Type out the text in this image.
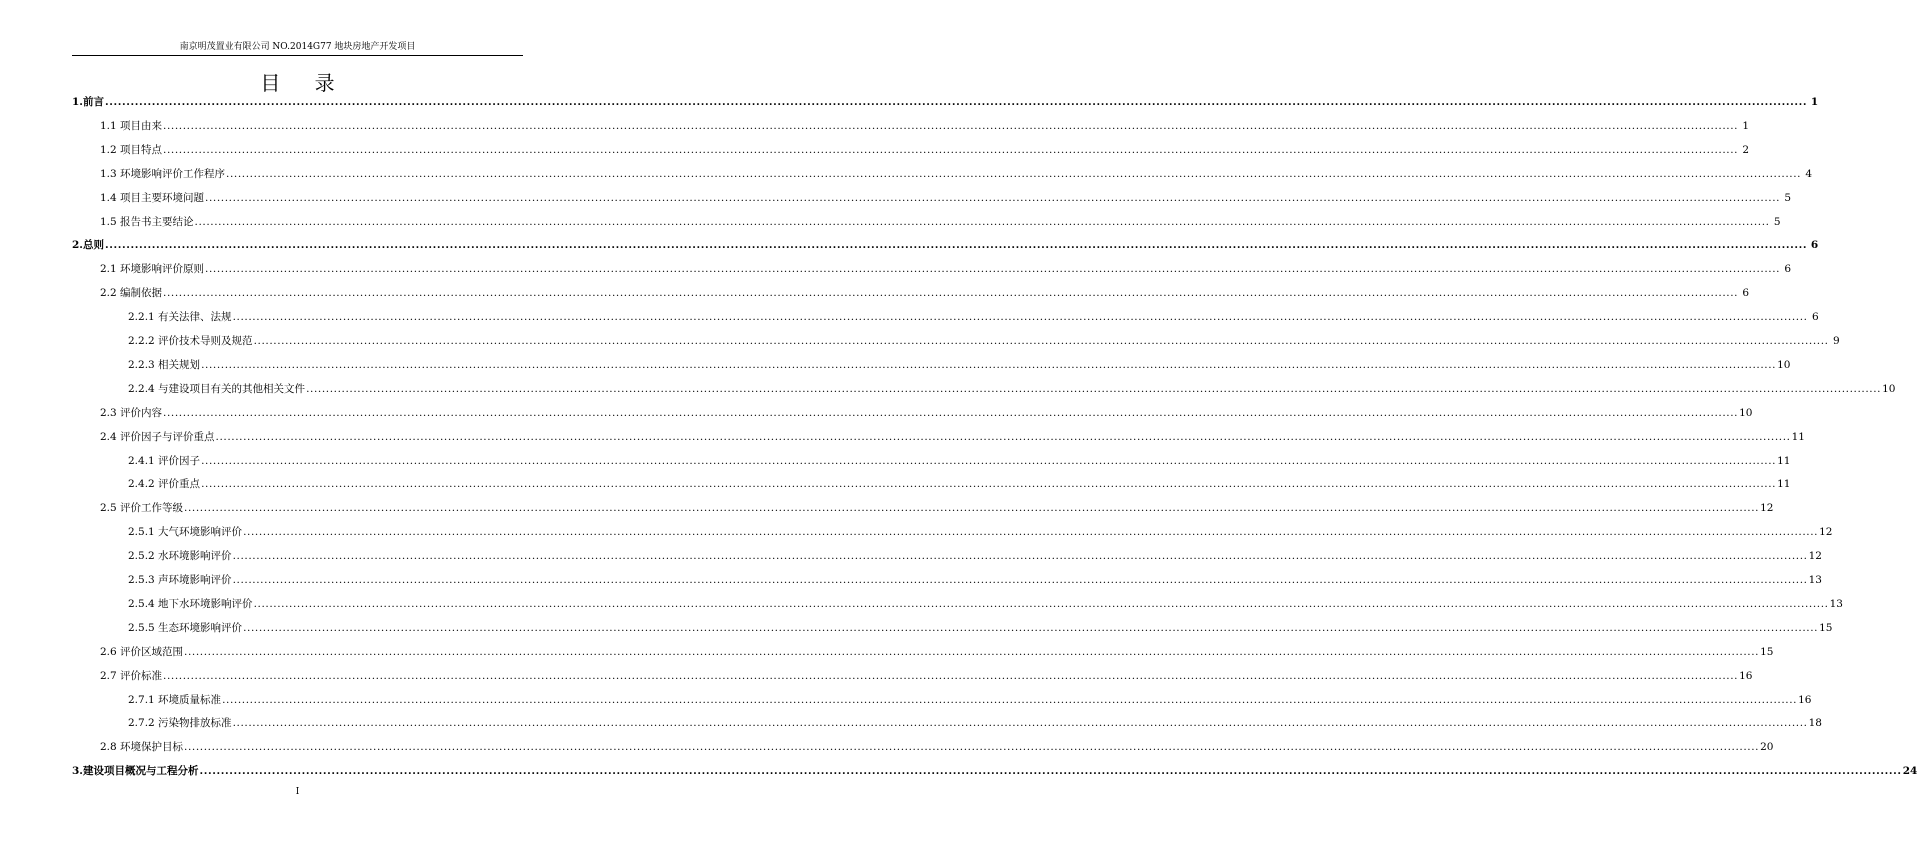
南京明茂置业有限公司 NO.2014G77 地块房地产开发项目
目 录
1.前言 ................................................................................................................................................................................................................................................................................................................................................................................................................ 1
1.1 项目由来 ................................................................................................................................................................................................................................................................................................................................................................................................................ 1
1.2 项目特点 ................................................................................................................................................................................................................................................................................................................................................................................................................ 2
1.3 环境影响评价工作程序 ................................................................................................................................................................................................................................................................................................................................................................................................................ 4
1.4 项目主要环境问题 ................................................................................................................................................................................................................................................................................................................................................................................................................ 5
1.5 报告书主要结论 ................................................................................................................................................................................................................................................................................................................................................................................................................ 5
2.总则 ................................................................................................................................................................................................................................................................................................................................................................................................................ 6
2.1 环境影响评价原则 ................................................................................................................................................................................................................................................................................................................................................................................................................ 6
2.2 编制依据 ................................................................................................................................................................................................................................................................................................................................................................................................................ 6
2.2.1 有关法律、法规 ................................................................................................................................................................................................................................................................................................................................................................................................................ 6
2.2.2 评价技术导则及规范 ................................................................................................................................................................................................................................................................................................................................................................................................................ 9
2.2.3 相关规划 ................................................................................................................................................................................................................................................................................................................................................................................................................ 10
2.2.4 与建设项目有关的其他相关文件 ................................................................................................................................................................................................................................................................................................................................................................................................................ 10
2.3 评价内容 ................................................................................................................................................................................................................................................................................................................................................................................................................ 10
2.4 评价因子与评价重点 ................................................................................................................................................................................................................................................................................................................................................................................................................ 11
2.4.1 评价因子 ................................................................................................................................................................................................................................................................................................................................................................................................................ 11
2.4.2 评价重点 ................................................................................................................................................................................................................................................................................................................................................................................................................ 11
2.5 评价工作等级 ................................................................................................................................................................................................................................................................................................................................................................................................................ 12
2.5.1 大气环境影响评价 ................................................................................................................................................................................................................................................................................................................................................................................................................ 12
2.5.2 水环境影响评价 ................................................................................................................................................................................................................................................................................................................................................................................................................ 12
2.5.3 声环境影响评价 ................................................................................................................................................................................................................................................................................................................................................................................................................ 13
2.5.4 地下水环境影响评价 ................................................................................................................................................................................................................................................................................................................................................................................................................ 13
2.5.5 生态环境影响评价 ................................................................................................................................................................................................................................................................................................................................................................................................................ 15
2.6 评价区域范围 ................................................................................................................................................................................................................................................................................................................................................................................................................ 15
2.7 评价标准 ................................................................................................................................................................................................................................................................................................................................................................................................................ 16
2.7.1 环境质量标准 ................................................................................................................................................................................................................................................................................................................................................................................................................ 16
2.7.2 污染物排放标准 ................................................................................................................................................................................................................................................................................................................................................................................................................ 18
2.8 环境保护目标 ................................................................................................................................................................................................................................................................................................................................................................................................................ 20
3.建设项目概况与工程分析 ................................................................................................................................................................................................................................................................................................................................................................................................................ 24
I
